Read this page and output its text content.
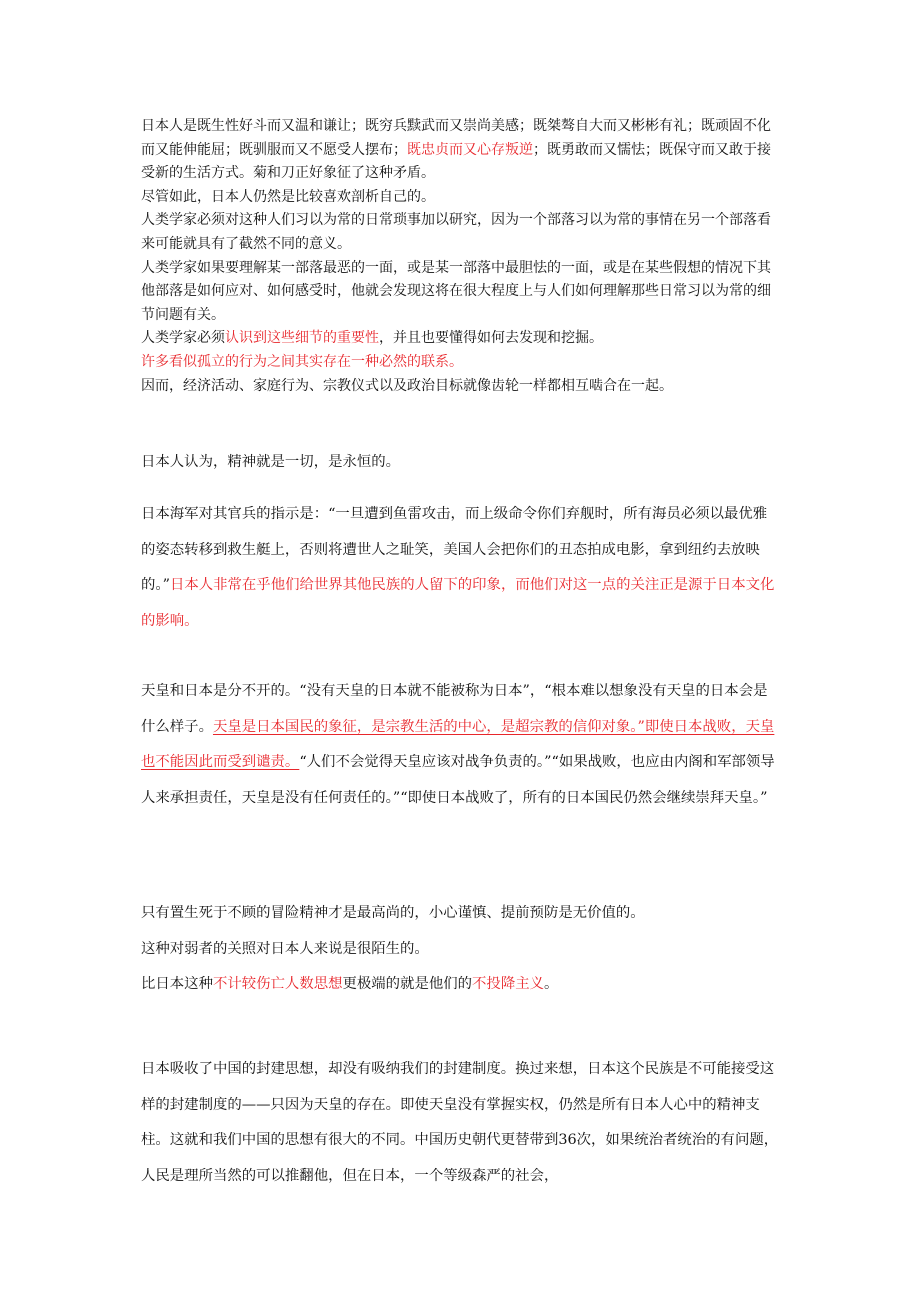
日本人是既生性好斗而又温和谦让；既穷兵黩武而又崇尚美感；既桀骜自大而又彬彬有礼；既顽固不化而又能伸能屈；既驯服而又不愿受人摆布；既忠贞而又心存叛逆；既勇敢而又懦怯；既保守而又敢于接受新的生活方式。菊和刀正好象征了这种矛盾。

尽管如此，日本人仍然是比较喜欢剖析自己的。

人类学家必须对这种人们习以为常的日常琐事加以研究，因为一个部落习以为常的事情在另一个部落看来可能就具有了截然不同的意义。

人类学家如果要理解某一部落最恶的一面，或是某一部落中最胆怯的一面，或是在某些假想的情况下其他部落是如何应对、如何感受时，他就会发现这将在很大程度上与人们如何理解那些日常习以为常的细节问题有关。

人类学家必须认识到这些细节的重要性，并且也要懂得如何去发现和挖掘。

许多看似孤立的行为之间其实存在一种必然的联系。

因而，经济活动、家庭行为、宗教仪式以及政治目标就像齿轮一样都相互啮合在一起。

日本人认为，精神就是一切，是永恒的。

日本海军对其官兵的指示是：“一旦遭到鱼雷攻击，而上级命令你们弃舰时，所有海员必须以最优雅的姿态转移到救生艇上，否则将遭世人之耻笑，美国人会把你们的丑态拍成电影，拿到纽约去放映的。”日本人非常在乎他们给世界其他民族的人留下的印象，而他们对这一点的关注正是源于日本文化的影响。

天皇和日本是分不开的。“没有天皇的日本就不能被称为日本”，“根本难以想象没有天皇的日本会是什么样子。天皇是日本国民的象征，是宗教生活的中心，是超宗教的信仰对象。”即使日本战败，天皇也不能因此而受到谴责。“人们不会觉得天皇应该对战争负责的。”“如果战败，也应由内阁和军部领导人来承担责任，天皇是没有任何责任的。”“即使日本战败了，所有的日本国民仍然会继续崇拜天皇。”

只有置生死于不顾的冒险精神才是最高尚的，小心谨慎、提前预防是无价值的。

这种对弱者的关照对日本人来说是很陌生的。

比日本这种不计较伤亡人数思想更极端的就是他们的不投降主义。

日本吸收了中国的封建思想，却没有吸纳我们的封建制度。换过来想，日本这个民族是不可能接受这样的封建制度的——只因为天皇的存在。即使天皇没有掌握实权，仍然是所有日本人心中的精神支柱。这就和我们中国的思想有很大的不同。中国历史朝代更替带到36次，如果统治者统治的有问题，人民是理所当然的可以推翻他，但在日本，一个等级森严的社会，
